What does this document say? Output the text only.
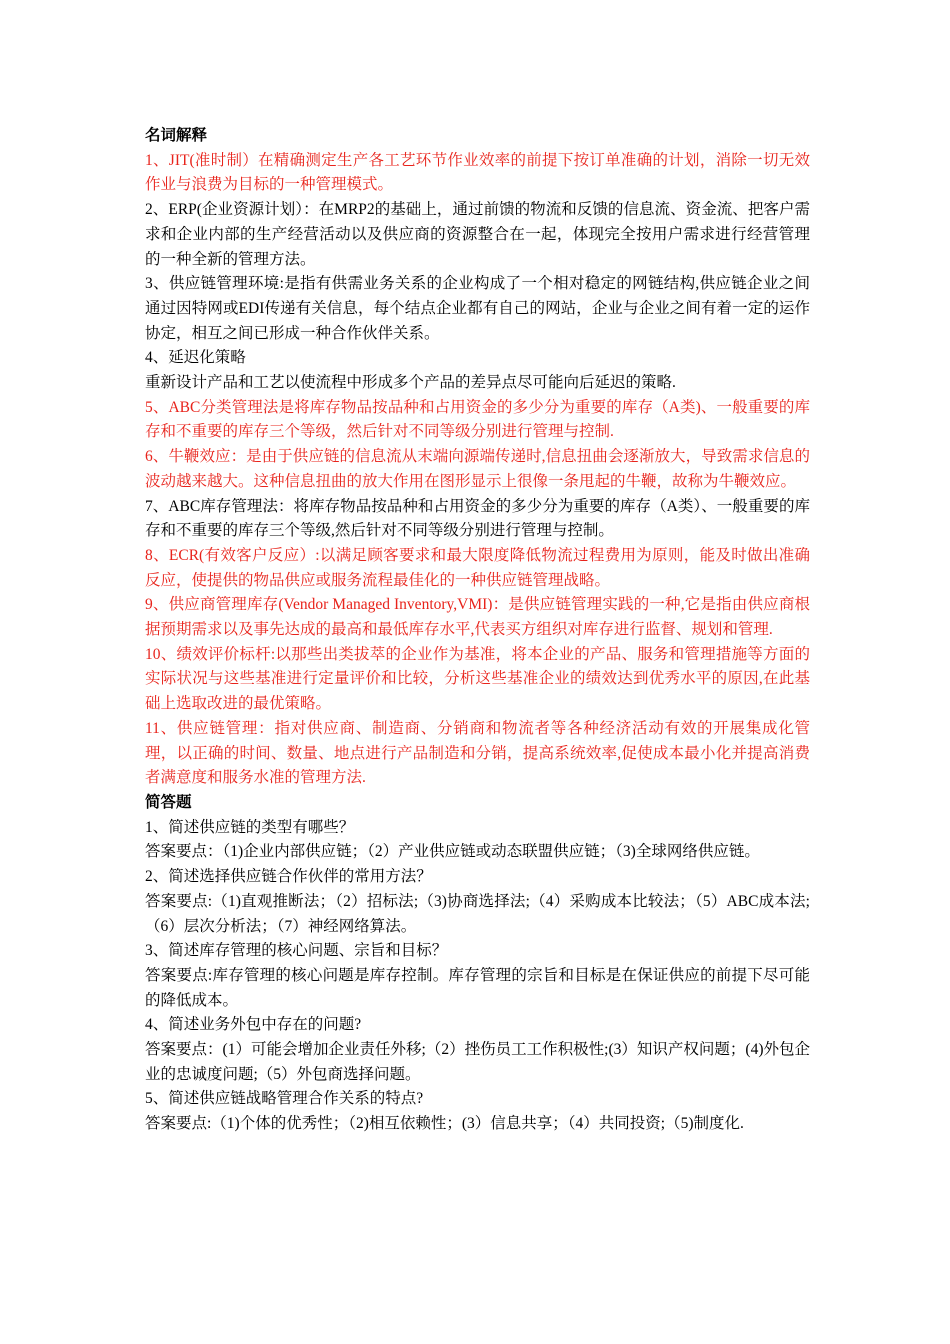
名词解释

1、JIT(准时制）在精确测定生产各工艺环节作业效率的前提下按订单准确的计划，消除一切无效作业与浪费为目标的一种管理模式。

2、ERP(企业资源计划）：在MRP2的基础上，通过前馈的物流和反馈的信息流、资金流、把客户需求和企业内部的生产经营活动以及供应商的资源整合在一起，体现完全按用户需求进行经营管理的一种全新的管理方法。

3、供应链管理环境:是指有供需业务关系的企业构成了一个相对稳定的网链结构,供应链企业之间通过因特网或EDI传递有关信息，每个结点企业都有自己的网站，企业与企业之间有着一定的运作协定，相互之间已形成一种合作伙伴关系。

4、延迟化策略

重新设计产品和工艺以使流程中形成多个产品的差异点尽可能向后延迟的策略.

5、ABC分类管理法是将库存物品按品种和占用资金的多少分为重要的库存（A类)、一般重要的库存和不重要的库存三个等级，然后针对不同等级分别进行管理与控制.

6、牛鞭效应：是由于供应链的信息流从末端向源端传递时,信息扭曲会逐渐放大，导致需求信息的波动越来越大。这种信息扭曲的放大作用在图形显示上很像一条甩起的牛鞭，故称为牛鞭效应。

7、ABC库存管理法：将库存物品按品种和占用资金的多少分为重要的库存（A类）、一般重要的库存和不重要的库存三个等级,然后针对不同等级分别进行管理与控制。

8、ECR(有效客户反应）:以满足顾客要求和最大限度降低物流过程费用为原则，能及时做出准确反应，使提供的物品供应或服务流程最佳化的一种供应链管理战略。

9、供应商管理库存(Vendor Managed Inventory,VMI)：是供应链管理实践的一种,它是指由供应商根据预期需求以及事先达成的最高和最低库存水平,代表买方组织对库存进行监督、规划和管理.

10、绩效评价标杆:以那些出类拔萃的企业作为基准，将本企业的产品、服务和管理措施等方面的实际状况与这些基准进行定量评价和比较，分析这些基准企业的绩效达到优秀水平的原因,在此基础上选取改进的最优策略。

11、供应链管理：指对供应商、制造商、分销商和物流者等各种经济活动有效的开展集成化管理，以正确的时间、数量、地点进行产品制造和分销，提高系统效率,促使成本最小化并提高消费者满意度和服务水准的管理方法.

简答题

1、简述供应链的类型有哪些？

答案要点：（1)企业内部供应链；（2）产业供应链或动态联盟供应链；（3)全球网络供应链。

2、简述选择供应链合作伙伴的常用方法？

答案要点:（1)直观推断法；（2）招标法;（3)协商选择法;（4）采购成本比较法；（5）ABC成本法;（6）层次分析法；（7）神经网络算法。

3、简述库存管理的核心问题、宗旨和目标？

答案要点:库存管理的核心问题是库存控制。库存管理的宗旨和目标是在保证供应的前提下尽可能的降低成本。

4、简述业务外包中存在的问题?

答案要点：(1）可能会增加企业责任外移;（2）挫伤员工工作积极性;(3）知识产权问题；(4)外包企业的忠诚度问题;（5）外包商选择问题。

5、简述供应链战略管理合作关系的特点?

答案要点:（1)个体的优秀性；（2)相互依赖性；(3）信息共享；（4）共同投资;（5)制度化.
